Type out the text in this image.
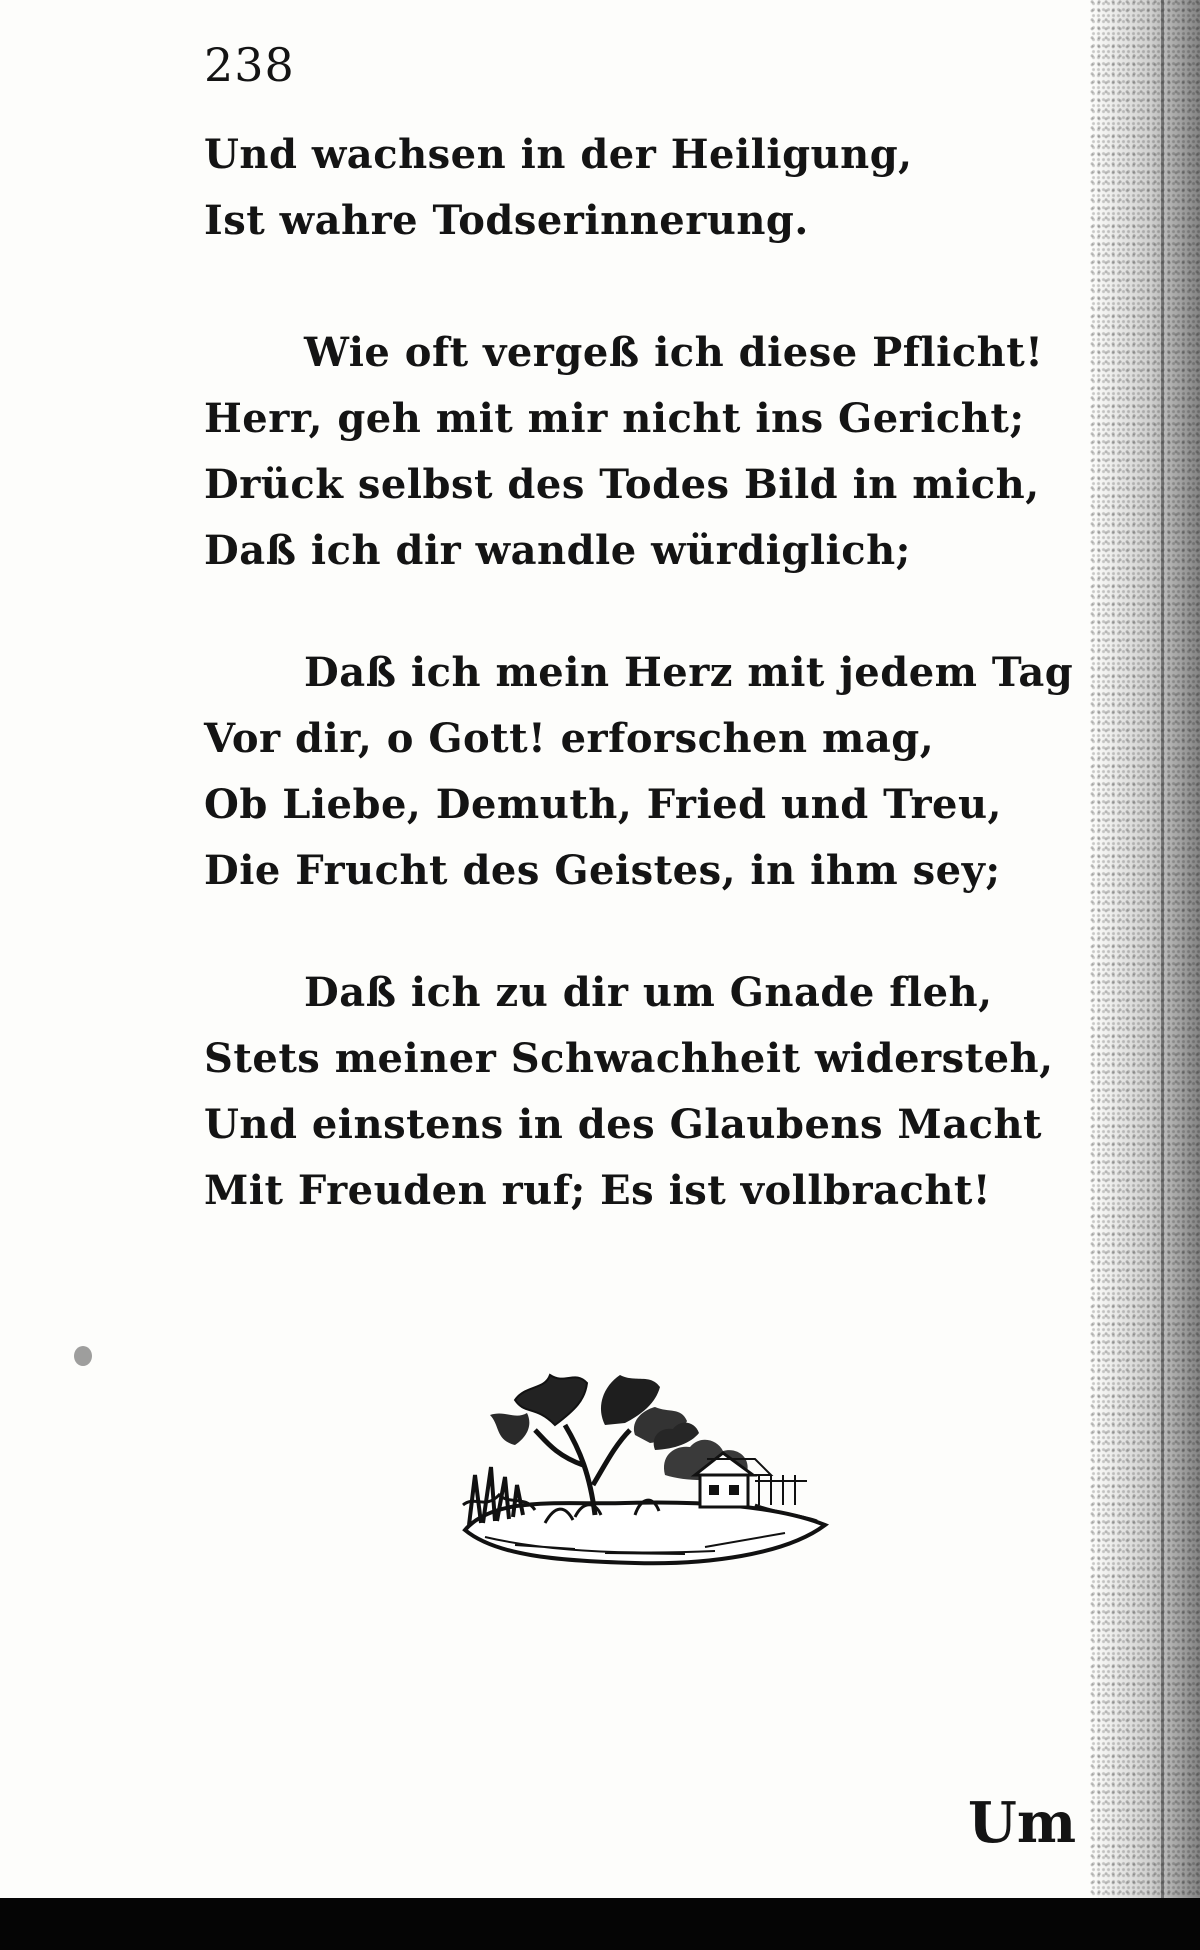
238
Und wachsen in der Heiligung,
Ist wahre Todserinnerung.
Wie oft vergeß ich diese Pflicht!
Herr, geh mit mir nicht ins Gericht;
Drück selbst des Todes Bild in mich,
Daß ich dir wandle würdiglich;
Daß ich mein Herz mit jedem Tag
Vor dir, o Gott! erforschen mag,
Ob Liebe, Demuth, Fried und Treu,
Die Frucht des Geistes, in ihm sey;
Daß ich zu dir um Gnade fleh,
Stets meiner Schwachheit widersteh,
Und einstens in des Glaubens Macht
Mit Freuden ruf; Es ist vollbracht!
Um
